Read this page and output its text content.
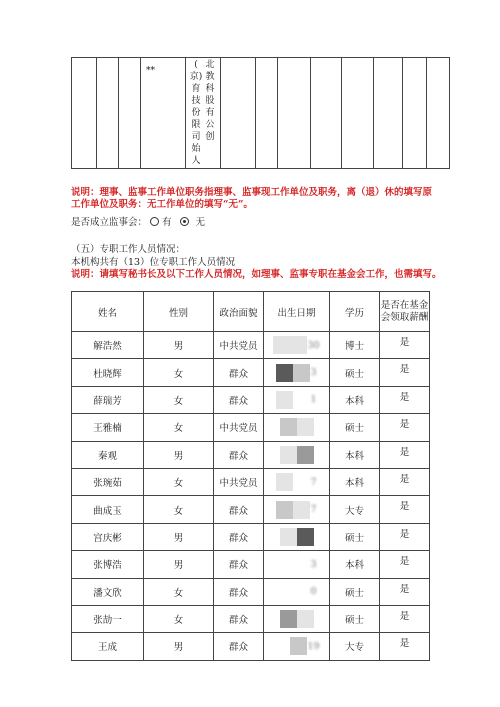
**

( 北
京) 教
育 科
技 股
份 有
限 公
司 创
始人

说明：理事、监事工作单位职务指理事、监事现工作单位及职务，离（退）休的填写原
工作单位及职务：无工作单位的填写“无”。
是否成立监事会： 有	无
（五）专职工作人员情况：
本机构共有（13）位专职工作人员情况
说明：请填写秘书长及以下工作人员情况，如理事、监事专职在基金会工作，也需填写。
姓名	性别	政治面貌	出生日期	学历	是否在基金会领取薪酬
解浩然	男	中共党员	30	博士	是
杜晓辉	女	群众	3	硕士	是
薛瑞芳	女	群众	1	本科	是
王雅楠	女	中共党员		硕士	是
秦观	男	群众		本科	是
张琬茹	女	中共党员	7	本科	是
曲成玉	女	群众	7	大专	是
宫庆彬	男	群众		硕士	是
张博浩	男	群众	3	本科	是
潘文欣	女	群众	0	硕士	是
张劼一	女	群众		硕士	是
王成	男	群众	19	大专	是
